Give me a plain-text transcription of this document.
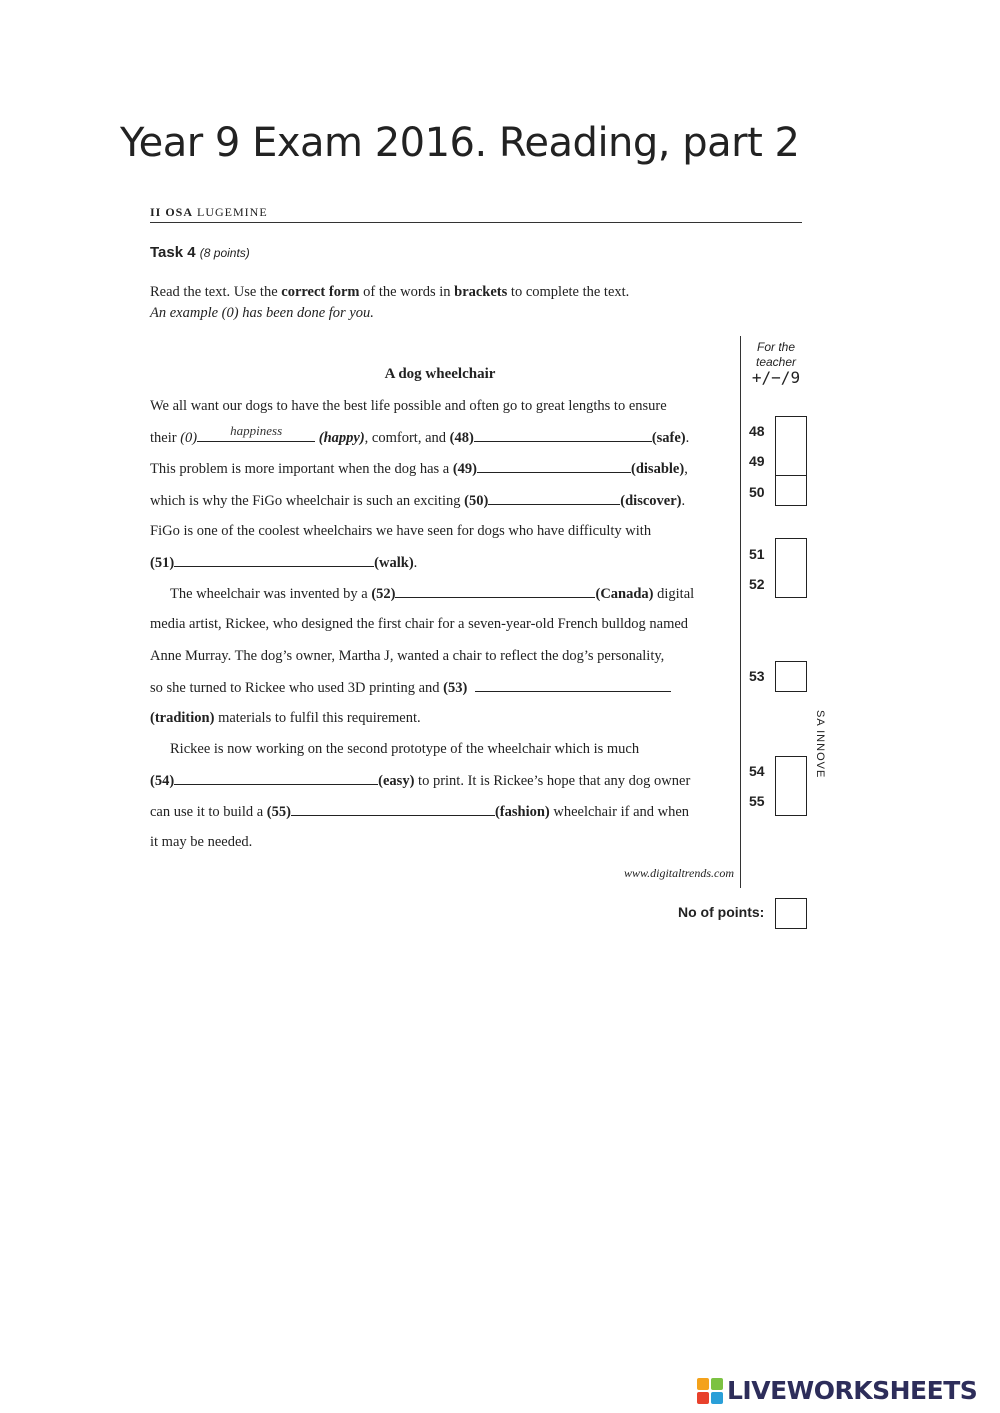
Year 9 Exam 2016. Reading, part 2
II OSA LUGEMINE
Task 4 (8 points)
Read the text. Use the correct form of the words in brackets to complete the text.
An example (0) has been done for you.
For the
teacher
+/−/9
A dog wheelchair
We all want our dogs to have the best life possible and often go to great lengths to ensure
their (0)	happiness	(happy), comfort, and (48)	(safe).
This problem is more important when the dog has a (49)	(disable),
which is why the FiGo wheelchair is such an exciting (50)	(discover).
FiGo is one of the coolest wheelchairs we have seen for dogs who have difficulty with
(51)	(walk).
The wheelchair was invented by a (52)	(Canada) digital
media artist, Rickee, who designed the first chair for a seven-year-old French bulldog named
Anne Murray. The dog’s owner, Martha J, wanted a chair to reflect the dog’s personality,
so she turned to Rickee who used 3D printing and (53)
(tradition) materials to fulfil this requirement.
Rickee is now working on the second prototype of the wheelchair which is much
(54)	(easy) to print. It is Rickee’s hope that any dog owner
can use it to build a (55)	(fashion) wheelchair if and when
it may be needed.
www.digitaltrends.com
48
49
50
51
52
53
54
55
No of points:
SA INNOVE
LIVEWORKSHEETS
